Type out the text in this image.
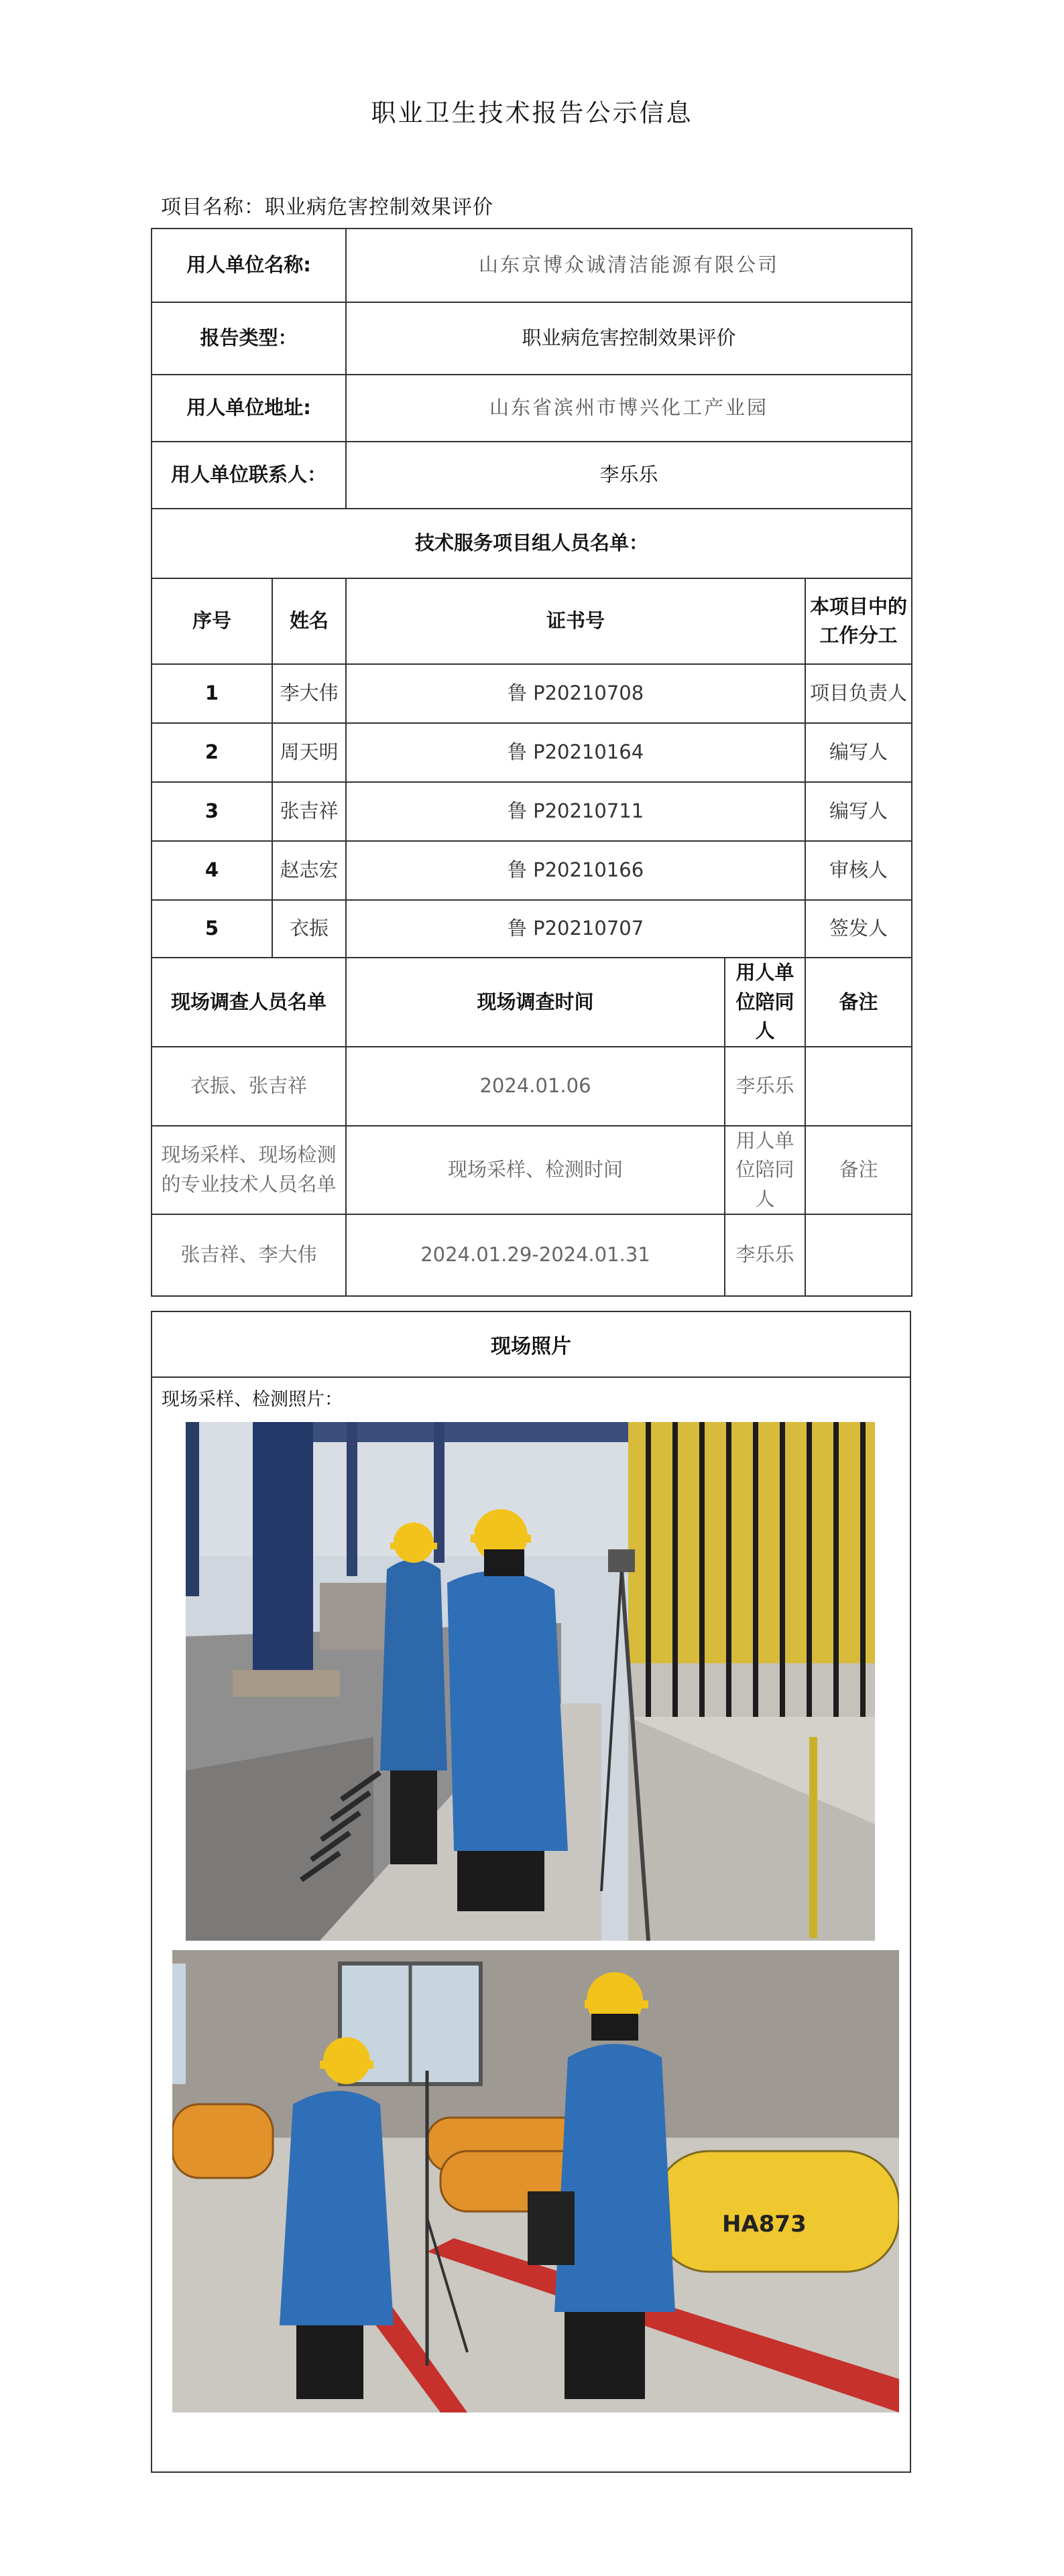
职业卫生技术报告公示信息
项目名称：职业病危害控制效果评价
用人单位名称:		山东京博众诚清洁能源有限公司		
报告类型：		职业病危害控制效果评价		
用人单位地址:		山东省滨州市博兴化工产业园		
用人单位联系人：		李乐乐		
技术服务项目组人员名单：				
序号	姓名	证书号		本项目中的工作分工
1	李大伟	鲁 P20210708		项目负责人
2	周天明	鲁 P20210164		编写人
3	张吉祥	鲁 P20210711		编写人
4	赵志宏	鲁 P20210166		审核人
5	衣振	鲁 P20210707		签发人
现场调查人员名单		现场调查时间	用人单位陪同人	备注
衣振、张吉祥		2024.01.06	李乐乐	
现场采样、现场检测的专业技术人员名单		现场采样、检测时间	用人单位陪同人	备注
张吉祥、李大伟		2024.01.29-2024.01.31	李乐乐	
现场照片
现场采样、检测照片：
HA873
